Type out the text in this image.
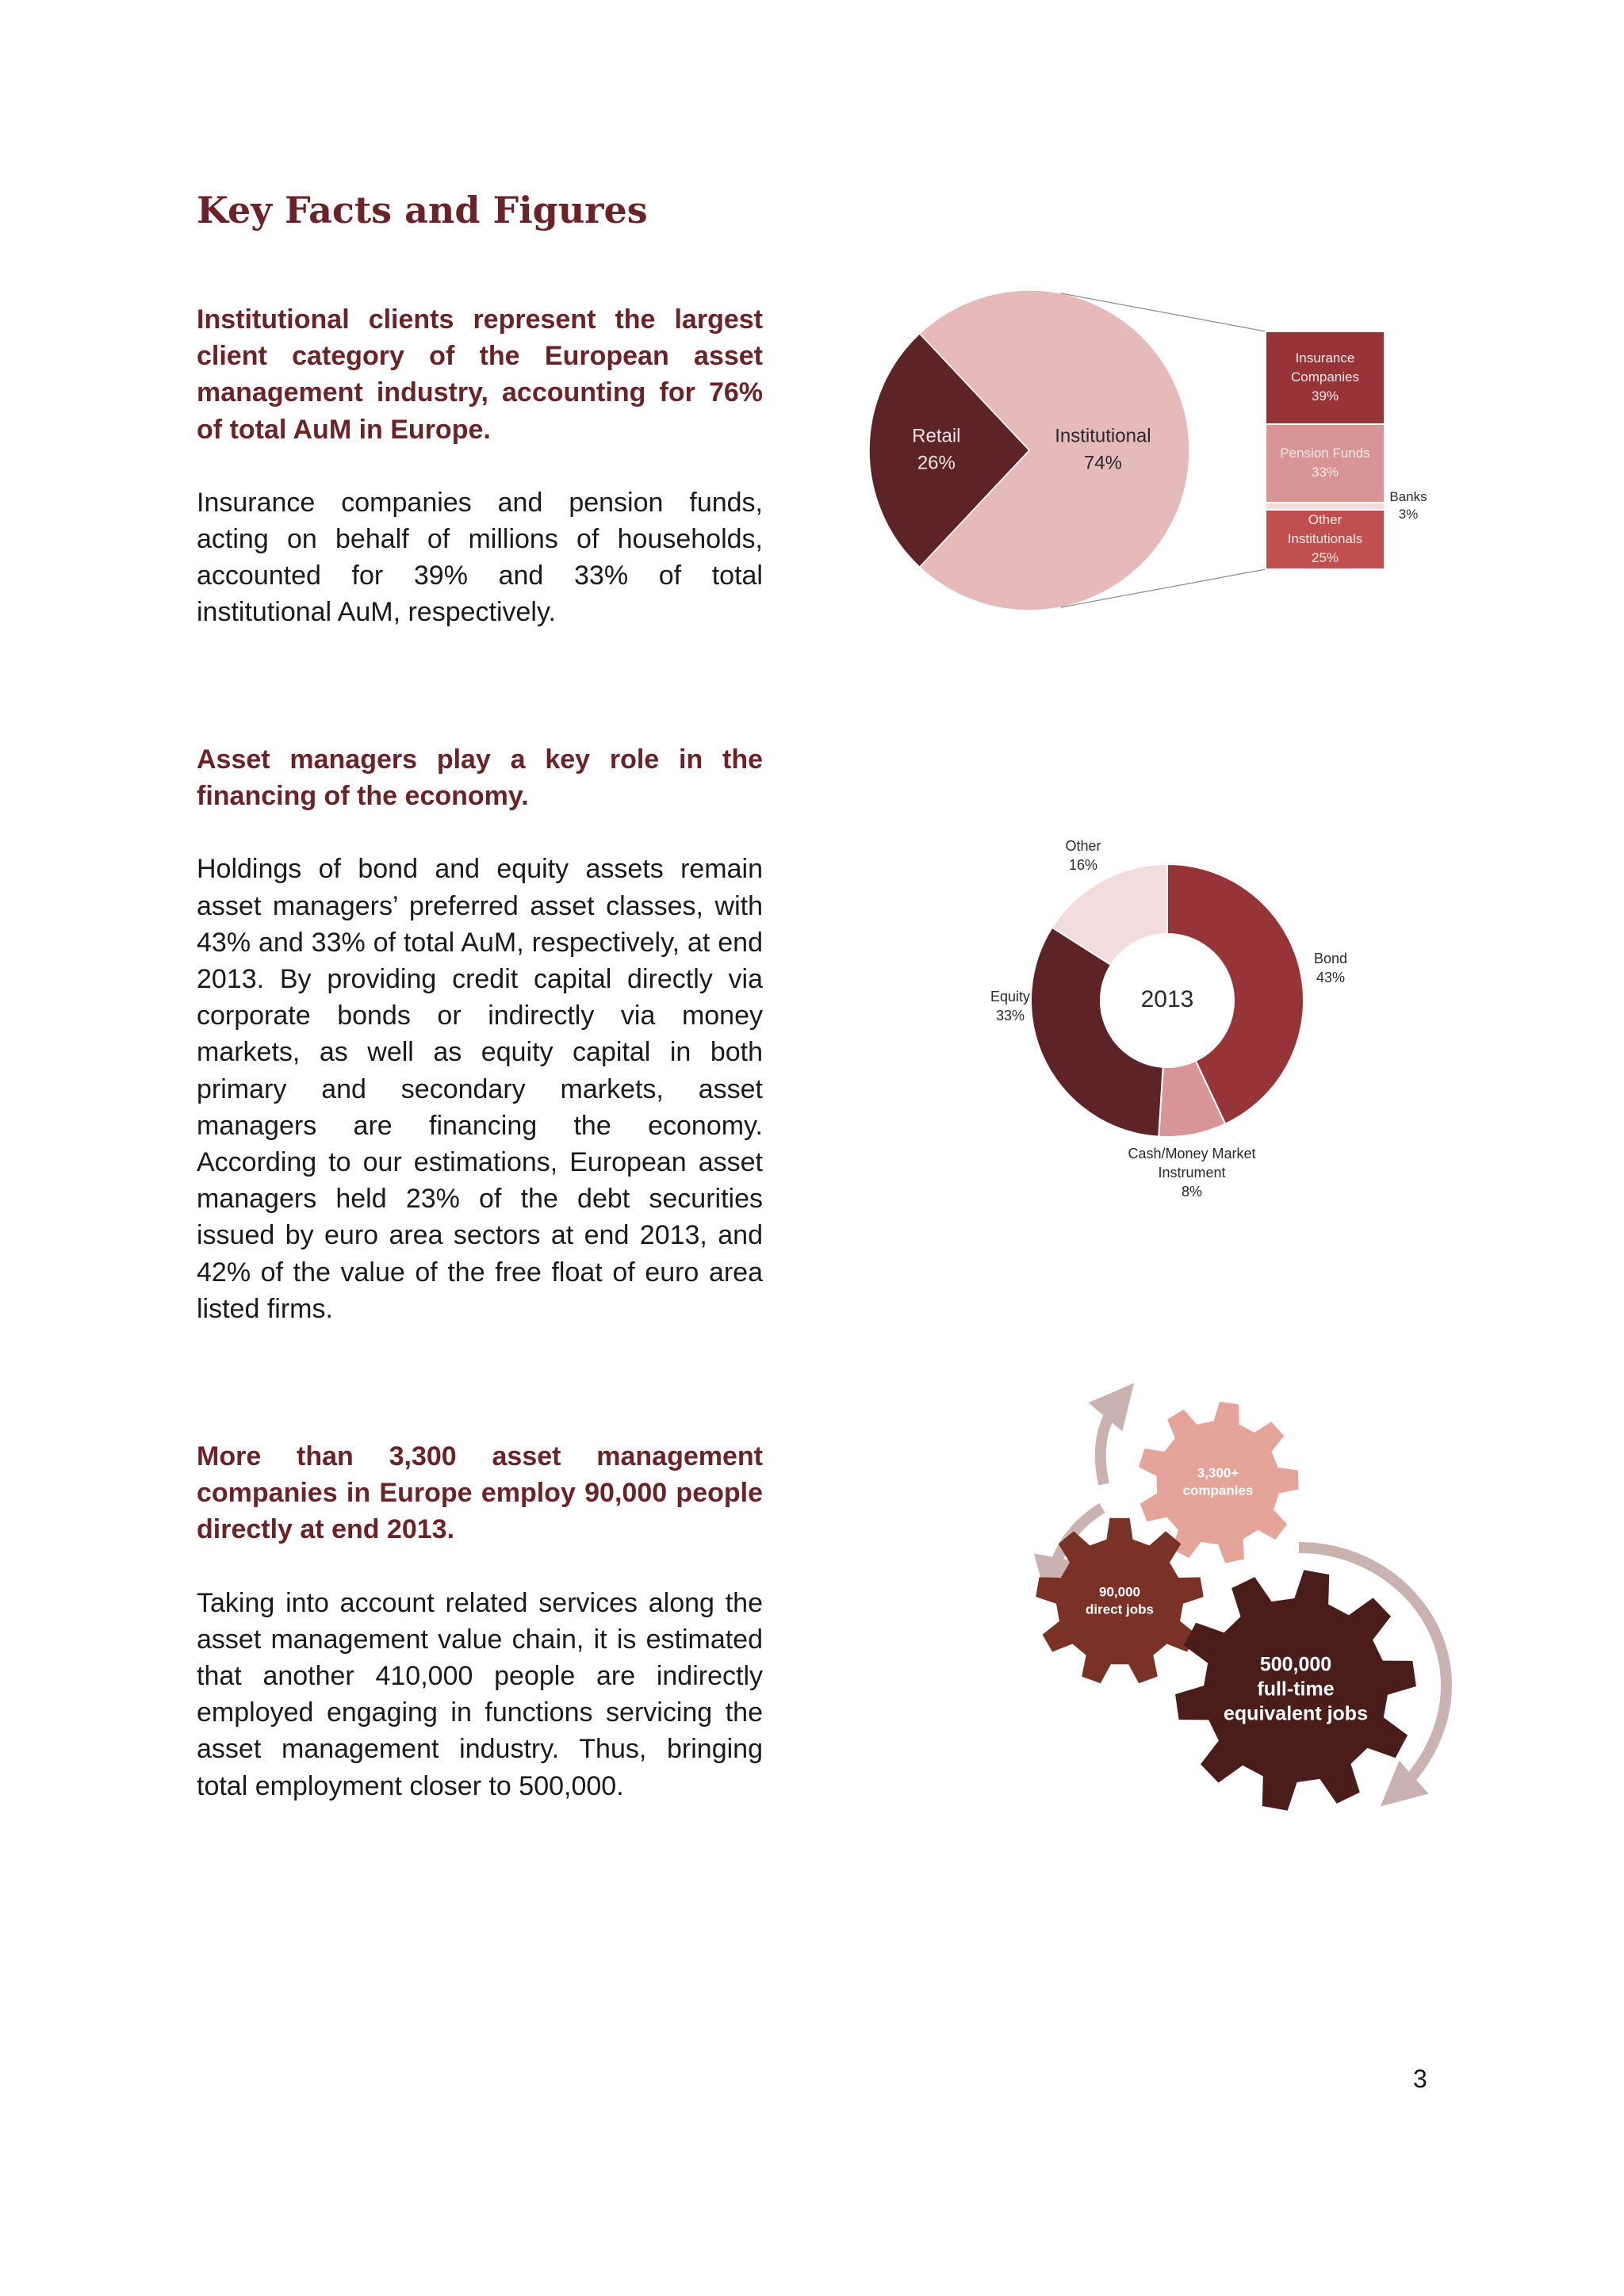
Key Facts and Figures

Institutional clients represent the largest client category of the European asset management industry, accounting for 76% of total AuM in Europe.

Insurance companies and pension funds, acting on behalf of millions of households, accounted for 39% and 33% of total institutional AuM, respectively.

Asset managers play a key role in the financing of the economy.

Holdings of bond and equity assets remain asset managers’ preferred asset classes, with 43% and 33% of total AuM, respectively, at end 2013. By providing credit capital directly via corporate bonds or indirectly via money markets, as well as equity capital in both primary and secondary markets, asset managers are financing the economy. According to our estimations, European asset managers held 23% of the debt securities issued by euro area sectors at end 2013, and 42% of the value of the free float of euro area listed firms.

More than 3,300 asset management companies in Europe employ 90,000 people directly at end 2013.

Taking into account related services along the asset management value chain, it is estimated that another 410,000 people are indirectly employed engaging in functions servicing the asset management industry. Thus, bringing total employment closer to 500,000.

Retail 26%
Institutional 74%
Insurance Companies 39%
Pension Funds 33%
Banks 3%
Other Institutionals 25%
Bond 43%
Cash/Money Market Instrument 8%
Equity 33%
Other 16%
2013
3,300+ companies
90,000 direct jobs
500,000 full-time equivalent jobs
3
